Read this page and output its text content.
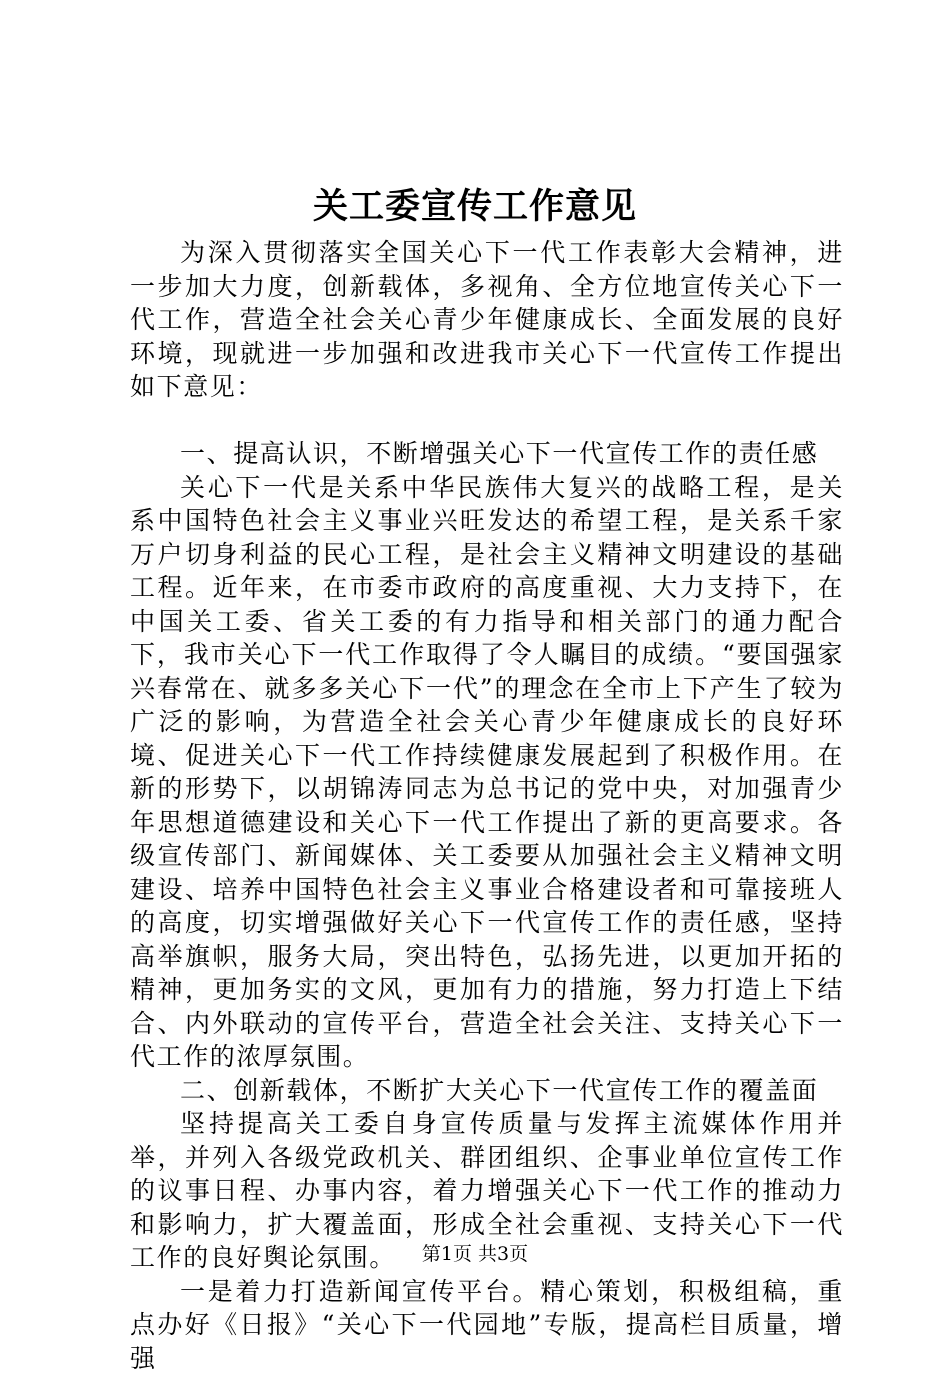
关工委宣传工作意见

为深入贯彻落实全国关心下一代工作表彰大会精神，进一步加大力度，创新载体，多视角、全方位地宣传关心下一代工作，营造全社会关心青少年健康成长、全面发展的良好环境，现就进一步加强和改进我市关心下一代宣传工作提出如下意见：

一、提高认识，不断增强关心下一代宣传工作的责任感

关心下一代是关系中华民族伟大复兴的战略工程，是关系中国特色社会主义事业兴旺发达的希望工程，是关系千家万户切身利益的民心工程，是社会主义精神文明建设的基础工程。近年来，在市委市政府的高度重视、大力支持下，在中国关工委、省关工委的有力指导和相关部门的通力配合下，我市关心下一代工作取得了令人瞩目的成绩。“要国强家兴春常在、就多多关心下一代”的理念在全市上下产生了较为广泛的影响，为营造全社会关心青少年健康成长的良好环境、促进关心下一代工作持续健康发展起到了积极作用。在新的形势下，以胡锦涛同志为总书记的党中央，对加强青少年思想道德建设和关心下一代工作提出了新的更高要求。各级宣传部门、新闻媒体、关工委要从加强社会主义精神文明建设、培养中国特色社会主义事业合格建设者和可靠接班人的高度，切实增强做好关心下一代宣传工作的责任感，坚持高举旗帜，服务大局，突出特色，弘扬先进，以更加开拓的精神，更加务实的文风，更加有力的措施，努力打造上下结合、内外联动的宣传平台，营造全社会关注、支持关心下一代工作的浓厚氛围。

二、创新载体，不断扩大关心下一代宣传工作的覆盖面

坚持提高关工委自身宣传质量与发挥主流媒体作用并举，并列入各级党政机关、群团组织、企事业单位宣传工作的议事日程、办事内容，着力增强关心下一代工作的推动力和影响力，扩大覆盖面，形成全社会重视、支持关心下一代工作的良好舆论氛围。

一是着力打造新闻宣传平台。精心策划，积极组稿，重点办好《日报》“关心下一代园地”专版，提高栏目质量，增强

第1页 共3页
